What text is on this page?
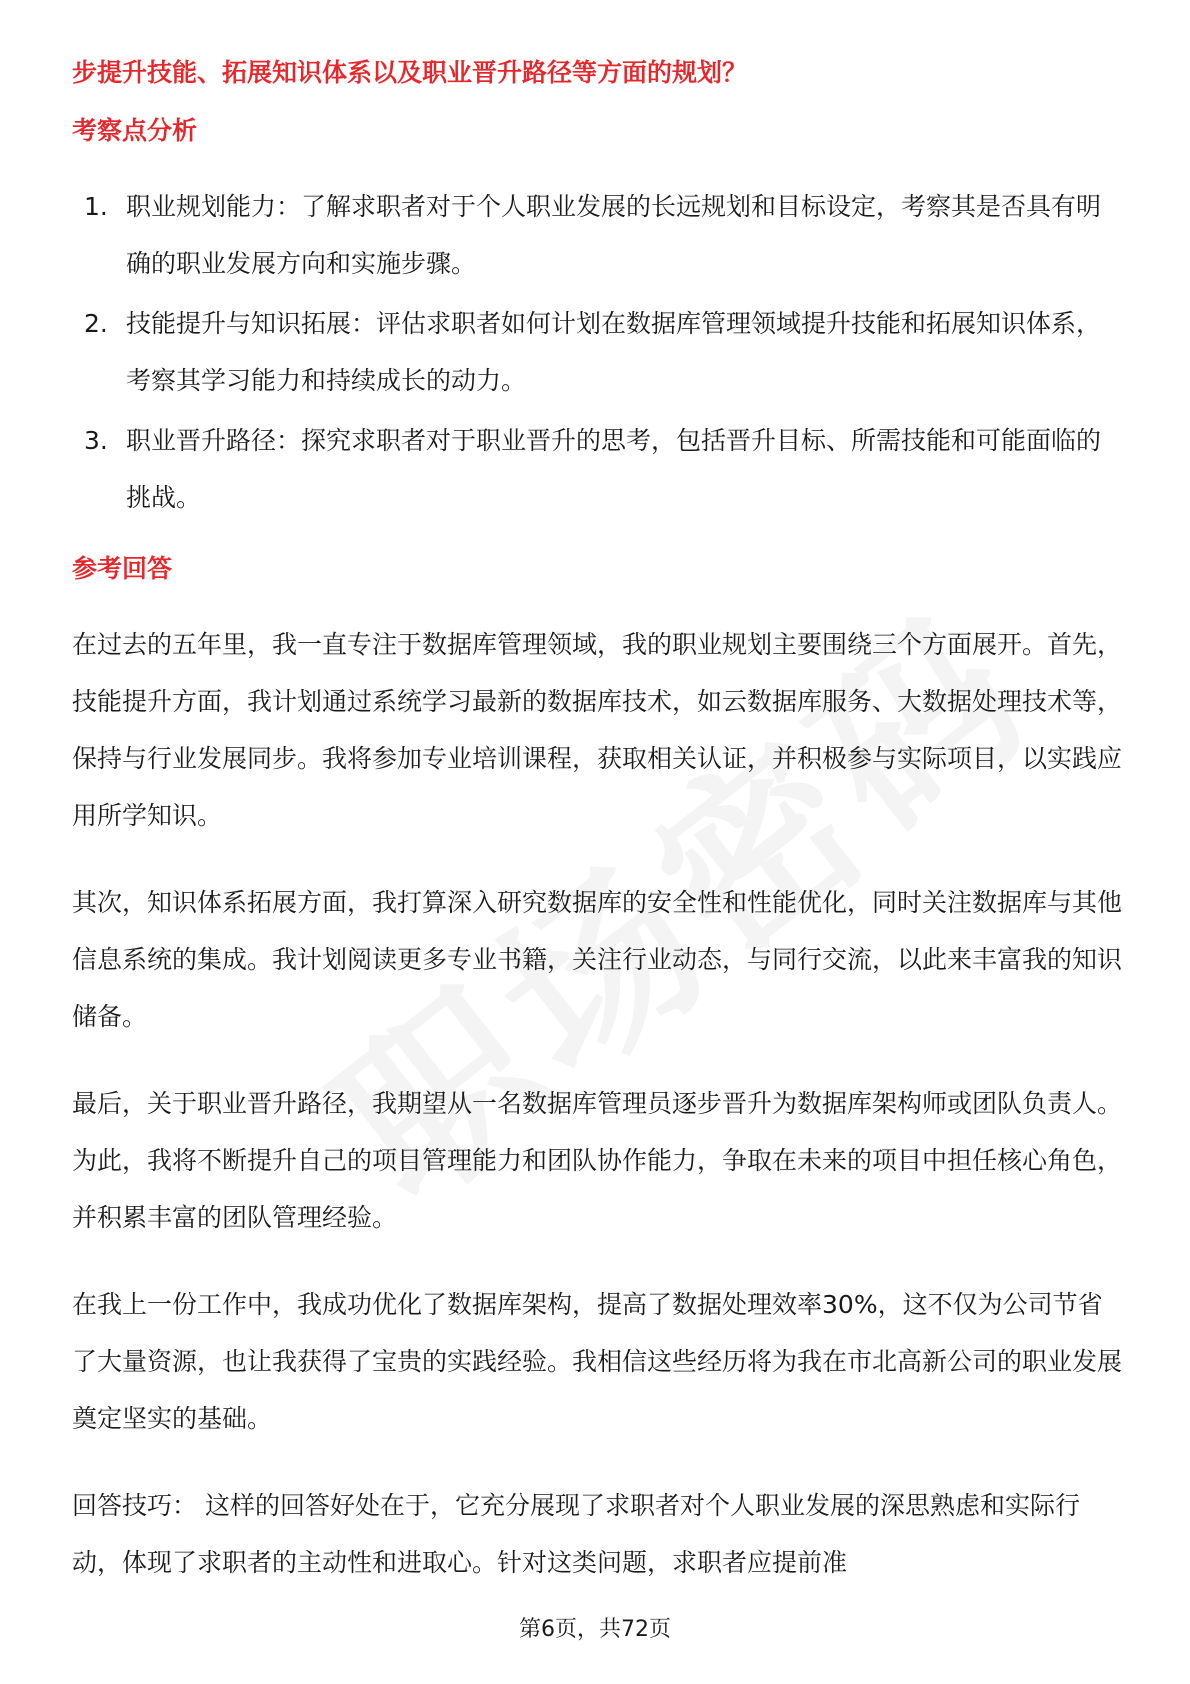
步提升技能、拓展知识体系以及职业晋升路径等方面的规划？
考察点分析
1. 职业规划能力：了解求职者对于个人职业发展的长远规划和目标设定，考察其是否具有明确的职业发展方向和实施步骤。
2. 技能提升与知识拓展：评估求职者如何计划在数据库管理领域提升技能和拓展知识体系，考察其学习能力和持续成长的动力。
3. 职业晋升路径：探究求职者对于职业晋升的思考，包括晋升目标、所需技能和可能面临的挑战。
参考回答

在过去的五年里，我一直专注于数据库管理领域，我的职业规划主要围绕三个方面展开。首先，技能提升方面，我计划通过系统学习最新的数据库技术，如云数据库服务、大数据处理技术等，保持与行业发展同步。我将参加专业培训课程，获取相关认证，并积极参与实际项目，以实践应用所学知识。

其次，知识体系拓展方面，我打算深入研究数据库的安全性和性能优化，同时关注数据库与其他信息系统的集成。我计划阅读更多专业书籍，关注行业动态，与同行交流，以此来丰富我的知识储备。

最后，关于职业晋升路径，我期望从一名数据库管理员逐步晋升为数据库架构师或团队负责人。为此，我将不断提升自己的项目管理能力和团队协作能力，争取在未来的项目中担任核心角色，并积累丰富的团队管理经验。

在我上一份工作中，我成功优化了数据库架构，提高了数据处理效率30%，这不仅为公司节省了大量资源，也让我获得了宝贵的实践经验。我相信这些经历将为我在市北高新公司的职业发展奠定坚实的基础。

回答技巧： 这样的回答好处在于，它充分展现了求职者对个人职业发展的深思熟虑和实际行动，体现了求职者的主动性和进取心。针对这类问题，求职者应提前准

第6页，共72页
